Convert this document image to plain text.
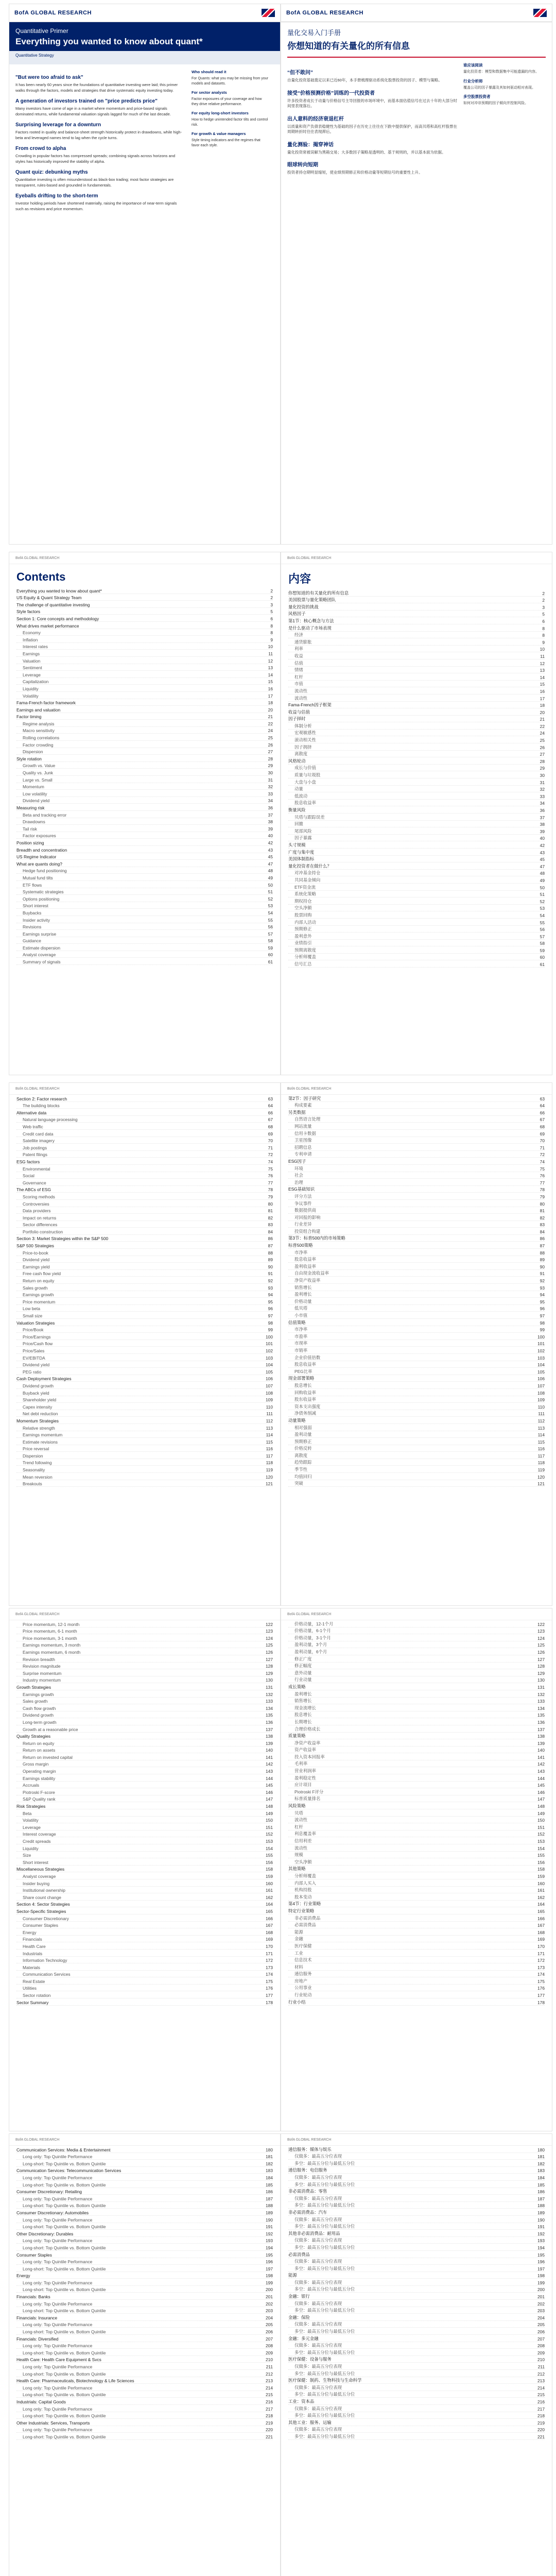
BofA GLOBAL RESEARCH
Quantitative Primer
Everything you wanted to know about quant*
Quantitative Strategy
"But were too afraid to ask"

It has been nearly 60 years since the foundations of quantitative investing were laid; this primer walks through the factors, models and strategies that drive systematic equity investing today.

A generation of investors trained on "price predicts price"

Many investors have come of age in a market where momentum and price-based signals dominated returns, while fundamental valuation signals lagged for much of the last decade.

Surprising leverage for a downturn

Factors rooted in quality and balance-sheet strength historically protect in drawdowns, while high-beta and leveraged names tend to lag when the cycle turns.

From crowd to alpha

Crowding in popular factors has compressed spreads; combining signals across horizons and styles has historically improved the stability of alpha.

Quant quiz: debunking myths

Quantitative investing is often misunderstood as black-box trading; most factor strategies are transparent, rules-based and grounded in fundamentals.

Eyeballs drifting to the short-term

Investor holding periods have shortened materially, raising the importance of near-term signals such as revisions and price momentum.

Who should read it
For Quants: what you may be missing from your models and datasets.
For sector analysts
Factor exposures of your coverage and how they drive relative performance.
For equity long-short investors
How to hedge unintended factor tilts and control risk.
For growth & value managers
Style timing indicators and the regimes that favor each style.
BofA GLOBAL RESEARCH
Contents
Everything you wanted to know about quant*	2
US Equity & Quant Strategy Team	2
The challenge of quantitative investing	3
Style factors	5
Section 1: Core concepts and methodology	6
What drives market performance	8
Economy	8
Inflation	9
Interest rates	10
Earnings	11
Valuation	12
Sentiment	13
Leverage	14
Capitalization	15
Liquidity	16
Volatility	17
Fama-French factor framework	18
Earnings and valuation	20
Factor timing	21
Regime analysis	22
Macro sensitivity	24
Rolling correlations	25
Factor crowding	26
Dispersion	27
Style rotation	28
Growth vs. Value	29
Quality vs. Junk	30
Large vs. Small	31
Momentum	32
Low volatility	33
Dividend yield	34
Measuring risk	36
Beta and tracking error	37
Drawdowns	38
Tail risk	39
Factor exposures	40
Position sizing	42
Breadth and concentration	43
US Regime Indicator	45
What are quants doing?	47
Hedge fund positioning	48
Mutual fund tilts	49
ETF flows	50
Systematic strategies	51
Options positioning	52
Short interest	53
Buybacks	54
Insider activity	55
Revisions	56
Earnings surprise	57
Guidance	58
Estimate dispersion	59
Analyst coverage	60
Summary of signals	61
BofA GLOBAL RESEARCH
Section 2: Factor research	63
The building blocks	64
Alternative data	66
Natural language processing	67
Web traffic	68
Credit card data	69
Satellite imagery	70
Job postings	71
Patent filings	72
ESG factors	74
Environmental	75
Social	76
Governance	77
The ABCs of ESG	78
Scoring methods	79
Controversies	80
Data providers	81
Impact on returns	82
Sector differences	83
Portfolio construction	84
Section 3: Market Strategies within the S&P 500	86
S&P 500 Strategies	87
Price-to-book	88
Dividend yield	89
Earnings yield	90
Free cash flow yield	91
Return on equity	92
Sales growth	93
Earnings growth	94
Price momentum	95
Low beta	96
Small size	97
Valuation Strategies	98
Price/Book	99
Price/Earnings	100
Price/Cash flow	101
Price/Sales	102
EV/EBITDA	103
Dividend yield	104
PEG ratio	105
Cash Deployment Strategies	106
Dividend growth	107
Buyback yield	108
Shareholder yield	109
Capex intensity	110
Net debt reduction	111
Momentum Strategies	112
Relative strength	113
Earnings momentum	114
Estimate revisions	115
Price reversal	116
Dispersion	117
Trend following	118
Seasonality	119
Mean reversion	120
Breakouts	121
BofA GLOBAL RESEARCH
Price momentum, 12-1 month	122
Price momentum, 6-1 month	123
Price momentum, 3-1 month	124
Earnings momentum, 3 month	125
Earnings momentum, 6 month	126
Revision breadth	127
Revision magnitude	128
Surprise momentum	129
Industry momentum	130
Growth Strategies	131
Earnings growth	132
Sales growth	133
Cash flow growth	134
Dividend growth	135
Long-term growth	136
Growth at a reasonable price	137
Quality Strategies	138
Return on equity	139
Return on assets	140
Return on invested capital	141
Gross margin	142
Operating margin	143
Earnings stability	144
Accruals	145
Piotroski F-score	146
S&P Quality rank	147
Risk Strategies	148
Beta	149
Volatility	150
Leverage	151
Interest coverage	152
Credit spreads	153
Liquidity	154
Size	155
Short interest	156
Miscellaneous Strategies	158
Analyst coverage	159
Insider buying	160
Institutional ownership	161
Share count change	162
Section 4: Sector Strategies	164
Sector-Specific Strategies	165
Consumer Discretionary	166
Consumer Staples	167
Energy	168
Financials	169
Health Care	170
Industrials	171
Information Technology	172
Materials	173
Communication Services	174
Real Estate	175
Utilities	176
Sector rotation	177
Sector Summary	178
BofA GLOBAL RESEARCH
Communication Services: Media & Entertainment	180
Long only: Top Quintile Performance	181
Long-short: Top Quintile vs. Bottom Quintile	182
Communication Services: Telecommunication Services	183
Long only: Top Quintile Performance	184
Long-short: Top Quintile vs. Bottom Quintile	185
Consumer Discretionary: Retailing	186
Long only: Top Quintile Performance	187
Long-short: Top Quintile vs. Bottom Quintile	188
Consumer Discretionary: Automobiles	189
Long only: Top Quintile Performance	190
Long-short: Top Quintile vs. Bottom Quintile	191
Other Discretionary: Durables	192
Long only: Top Quintile Performance	193
Long-short: Top Quintile vs. Bottom Quintile	194
Consumer Staples	195
Long only: Top Quintile Performance	196
Long-short: Top Quintile vs. Bottom Quintile	197
Energy	198
Long only: Top Quintile Performance	199
Long-short: Top Quintile vs. Bottom Quintile	200
Financials: Banks	201
Long only: Top Quintile Performance	202
Long-short: Top Quintile vs. Bottom Quintile	203
Financials: Insurance	204
Long only: Top Quintile Performance	205
Long-short: Top Quintile vs. Bottom Quintile	206
Financials: Diversified	207
Long only: Top Quintile Performance	208
Long-short: Top Quintile vs. Bottom Quintile	209
Health Care: Health Care Equipment & Svcs	210
Long only: Top Quintile Performance	211
Long-short: Top Quintile vs. Bottom Quintile	212
Health Care: Pharmaceuticals, Biotechnology & Life Sciences	213
Long only: Top Quintile Performance	214
Long-short: Top Quintile vs. Bottom Quintile	215
Industrials: Capital Goods	216
Long only: Top Quintile Performance	217
Long-short: Top Quintile vs. Bottom Quintile	218
Other Industrials: Services, Transports	219
Long only: Top Quintile Performance	220
Long-short: Top Quintile vs. Bottom Quintile	221
BofA GLOBAL RESEARCH
量化交易入门手册
你想知道的有关量化的所有信息
“但不敢问”

自量化投资基础奠定以来已近60年，本手册梳理驱动系统化股票投资的因子、模型与策略。

接受“价格预测价格”训练的一代投资者

许多投资者成长于动量与价格信号主导回报的市场环境中，而基本面估值信号在过去十年的大部分时间里表现落后。

出人意料的经济衰退杠杆

以质量和资产负债表稳健性为基础的因子在历史上往往在下跌中提供保护，而高贝塔和高杠杆股票在周期转折时往往表现滞后。

量化测验：揭穿神话

量化投资常被误解为黑箱交易；大多数因子策略是透明的、基于规则的，并以基本面为依据。

眼球转向短期

投资者持仓期明显缩短，使业绩预期修正和价格动量等短期信号的重要性上升。

谁应该阅读
量化投资者：模型和数据集中可能遗漏的内容。
行业分析师
覆盖公司的因子暴露及其如何驱动相对表现。
多空股票投资者
如何对冲非预期的因子倾向并控制风险。
BofA GLOBAL RESEARCH
内容
你想知道的有关量化的所有信息	2
美国股票与量化策略团队	2
量化投资的挑战	3
风格因子	5
第1节：核心概念与方法	6
是什么驱动了市场表现	8
经济	8
通货膨胀	9
利率	10
收益	11
估值	12
情绪	13
杠杆	14
市值	15
流动性	16
波动性	17
Fama-French因子框架	18
收益与估值	20
因子择时	21
体制分析	22
宏观敏感性	24
滚动相关性	25
因子拥挤	26
离散度	27
风格轮动	28
成长与价值	29
质量与垃圾股	30
大盘与小盘	31
动量	32
低波动	33
股息收益率	34
衡量风险	36
贝塔与跟踪误差	37
回撤	38
尾部风险	39
因子暴露	40
头寸规模	42
广度与集中度	43
美国体制指标	45
量化投资者在做什么？	47
对冲基金持仓	48
共同基金倾向	49
ETF资金流	50
系统化策略	51
期权持仓	52
空头净额	53
股票回购	54
内部人活动	55
预期修正	56
盈利意外	57
业绩指引	58
预期离散度	59
分析师覆盖	60
信号汇总	61
BofA GLOBAL RESEARCH
第2节：因子研究	63
构成要素	64
另类数据	66
自然语言处理	67
网站流量	68
信用卡数据	69
卫星图像	70
招聘信息	71
专利申请	72
ESG因子	74
环境	75
社会	76
治理	77
ESG基础知识	78
评分方法	79
争议事件	80
数据提供商	81
对回报的影响	82
行业差异	83
投资组合构建	84
第3节：标普500内的市场策略	86
标普500策略	87
市净率	88
股息收益率	89
盈利收益率	90
自由现金流收益率	91
净资产收益率	92
销售增长	93
盈利增长	94
价格动量	95
低贝塔	96
小市值	97
估值策略	98
市净率	99
市盈率	100
市现率	101
市销率	102
企业价值倍数	103
股息收益率	104
PEG比率	105
现金部署策略	106
股息增长	107
回购收益率	108
股东收益率	109
资本支出强度	110
净债务削减	111
动量策略	112
相对强弱	113
盈利动量	114
预期修正	115
价格反转	116
离散度	117
趋势跟踪	118
季节性	119
均值回归	120
突破	121
BofA GLOBAL RESEARCH
价格动量，12-1个月	122
价格动量，6-1个月	123
价格动量，3-1个月	124
盈利动量，3个月	125
盈利动量，6个月	126
修正广度	127
修正幅度	128
意外动量	129
行业动量	130
成长策略	131
盈利增长	132
销售增长	133
现金流增长	134
股息增长	135
长期增长	136
合理价格成长	137
质量策略	138
净资产收益率	139
资产收益率	140
投入资本回报率	141
毛利率	142
营业利润率	143
盈利稳定性	144
应计项目	145
Piotroski F评分	146
标普质量排名	147
风险策略	148
贝塔	149
波动性	150
杠杆	151
利息覆盖率	152
信用利差	153
流动性	154
规模	155
空头净额	156
其他策略	158
分析师覆盖	159
内部人买入	160
机构持股	161
股本变动	162
第4节：行业策略	164
特定行业策略	165
非必需消费品	166
必需消费品	167
能源	168
金融	169
医疗保健	170
工业	171
信息技术	172
材料	173
通信服务	174
房地产	175
公用事业	176
行业轮动	177
行业小结	178
BofA GLOBAL RESEARCH
通信服务：媒体与娱乐	180
仅做多：最高五分位表现	181
多空：最高五分位与最低五分位	182
通信服务：电信服务	183
仅做多：最高五分位表现	184
多空：最高五分位与最低五分位	185
非必需消费品：零售	186
仅做多：最高五分位表现	187
多空：最高五分位与最低五分位	188
非必需消费品：汽车	189
仅做多：最高五分位表现	190
多空：最高五分位与最低五分位	191
其他非必需消费品：耐用品	192
仅做多：最高五分位表现	193
多空：最高五分位与最低五分位	194
必需消费品	195
仅做多：最高五分位表现	196
多空：最高五分位与最低五分位	197
能源	198
仅做多：最高五分位表现	199
多空：最高五分位与最低五分位	200
金融：银行	201
仅做多：最高五分位表现	202
多空：最高五分位与最低五分位	203
金融：保险	204
仅做多：最高五分位表现	205
多空：最高五分位与最低五分位	206
金融：多元金融	207
仅做多：最高五分位表现	208
多空：最高五分位与最低五分位	209
医疗保健：设备与服务	210
仅做多：最高五分位表现	211
多空：最高五分位与最低五分位	212
医疗保健：制药、生物科技与生命科学	213
仅做多：最高五分位表现	214
多空：最高五分位与最低五分位	215
工业：资本品	216
仅做多：最高五分位表现	217
多空：最高五分位与最低五分位	218
其他工业：服务、运输	219
仅做多：最高五分位表现	220
多空：最高五分位与最低五分位	221
